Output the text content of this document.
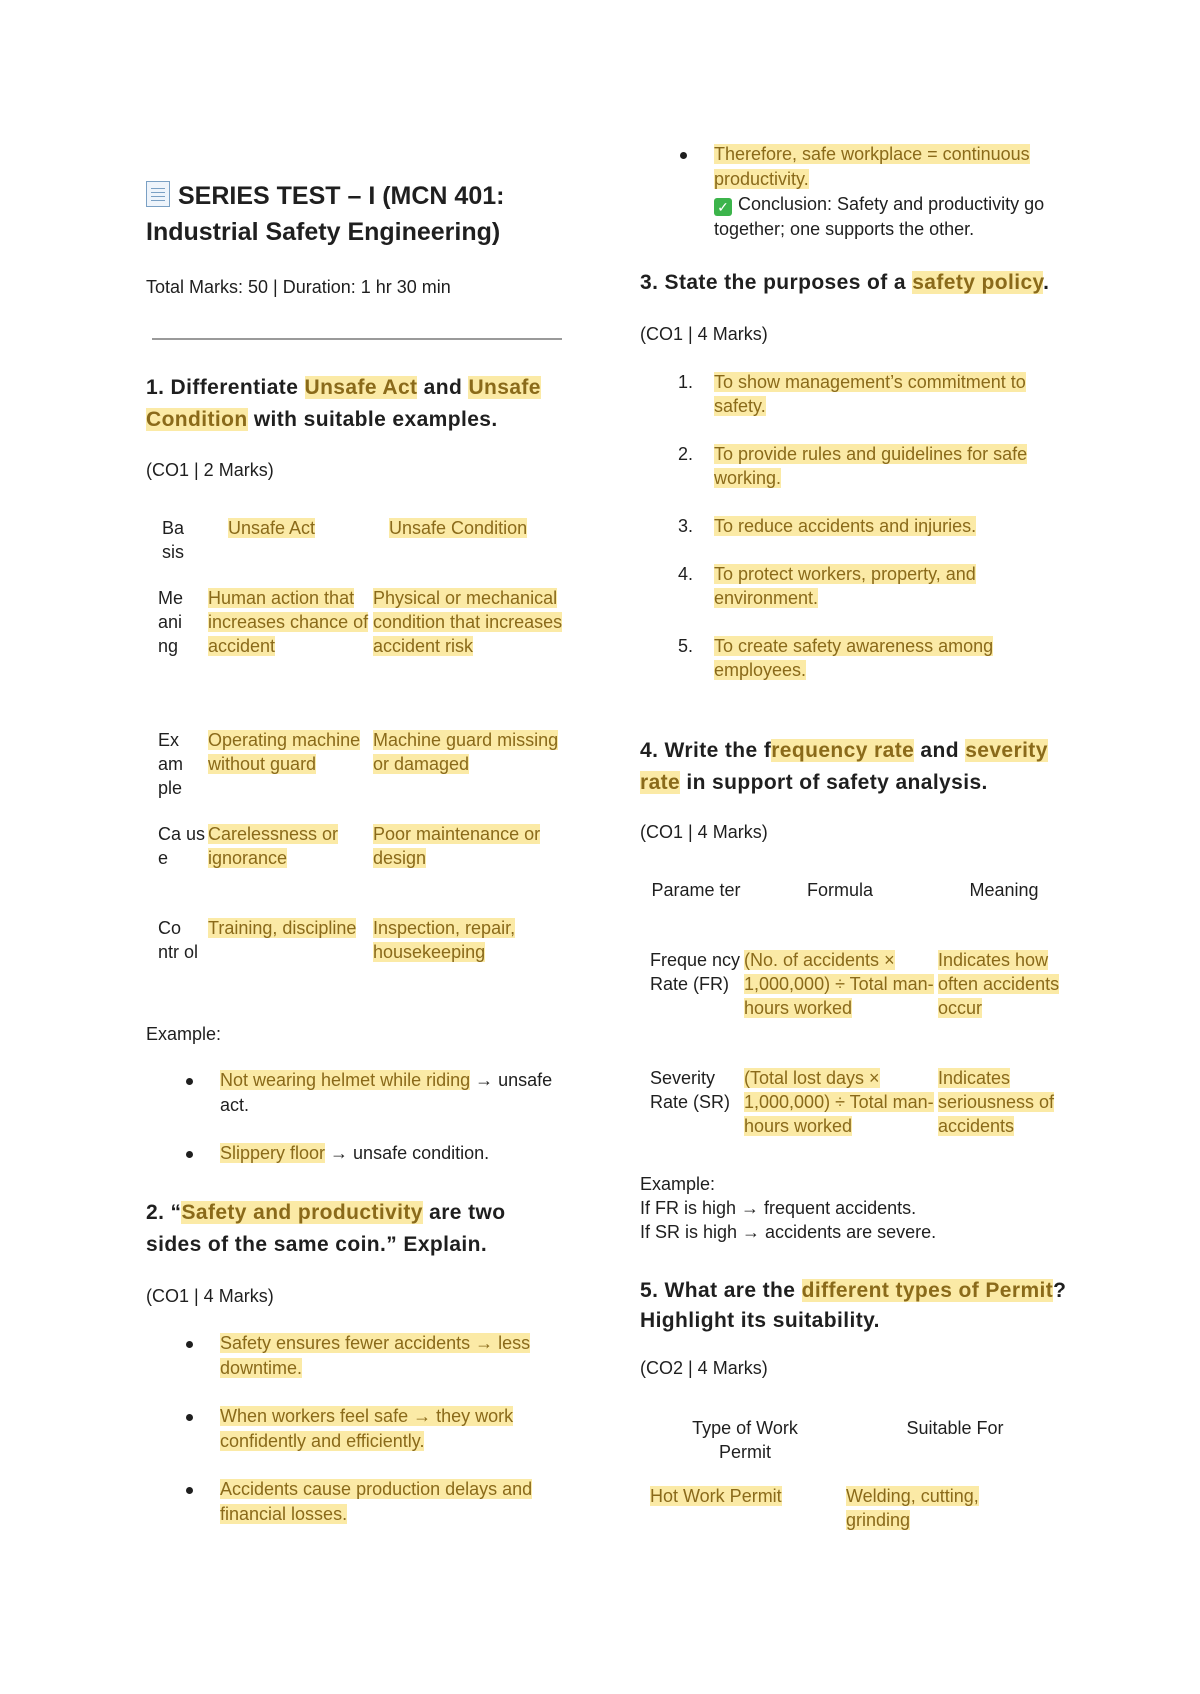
SERIES TEST – I (MCN 401:
Industrial Safety Engineering)
Total Marks: 50 | Duration: 1 hr 30 min
1. Differentiate Unsafe Act and Unsafe
Condition with suitable examples.
(CO1 | 2 Marks)
Ba sis	Unsafe Act	Unsafe Condition
Me ani ng	Human action that increases chance of accident	Physical or mechanical condition that increases accident risk
Ex am ple	Operating machine without guard	Machine guard missing or damaged
Ca us e	Carelessness or ignorance	Poor maintenance or design
Co ntr ol	Training, discipline	Inspection, repair, housekeeping
Example:
Not wearing helmet while riding → unsafe act.
Slippery floor → unsafe condition.
2. “Safety and productivity are two sides of the same coin.” Explain.
(CO1 | 4 Marks)
Safety ensures fewer accidents → less downtime.
When workers feel safe → they work confidently and efficiently.
Accidents cause production delays and financial losses.
Therefore, safe workplace = continuous productivity.
✓ Conclusion: Safety and productivity go together; one supports the other.
3. State the purposes of a safety policy.
(CO1 | 4 Marks)
1. To show management’s commitment to safety.
2. To provide rules and guidelines for safe working.
3. To reduce accidents and injuries.
4. To protect workers, property, and environment.
5. To create safety awareness among employees.
4. Write the frequency rate and severity rate in support of safety analysis.
(CO1 | 4 Marks)
Parame ter	Formula	Meaning
Freque ncy Rate (FR)	(No. of accidents × 1,000,000) ÷ Total man-hours worked	Indicates how often accidents occur
Severity Rate (SR)	(Total lost days × 1,000,000) ÷ Total man-hours worked	Indicates seriousness of accidents
Example:
If FR is high → frequent accidents.
If SR is high → accidents are severe.
5. What are the different types of Permit? Highlight its suitability.
(CO2 | 4 Marks)
Type of Work Permit	Suitable For
Hot Work Permit	Welding, cutting, grinding
